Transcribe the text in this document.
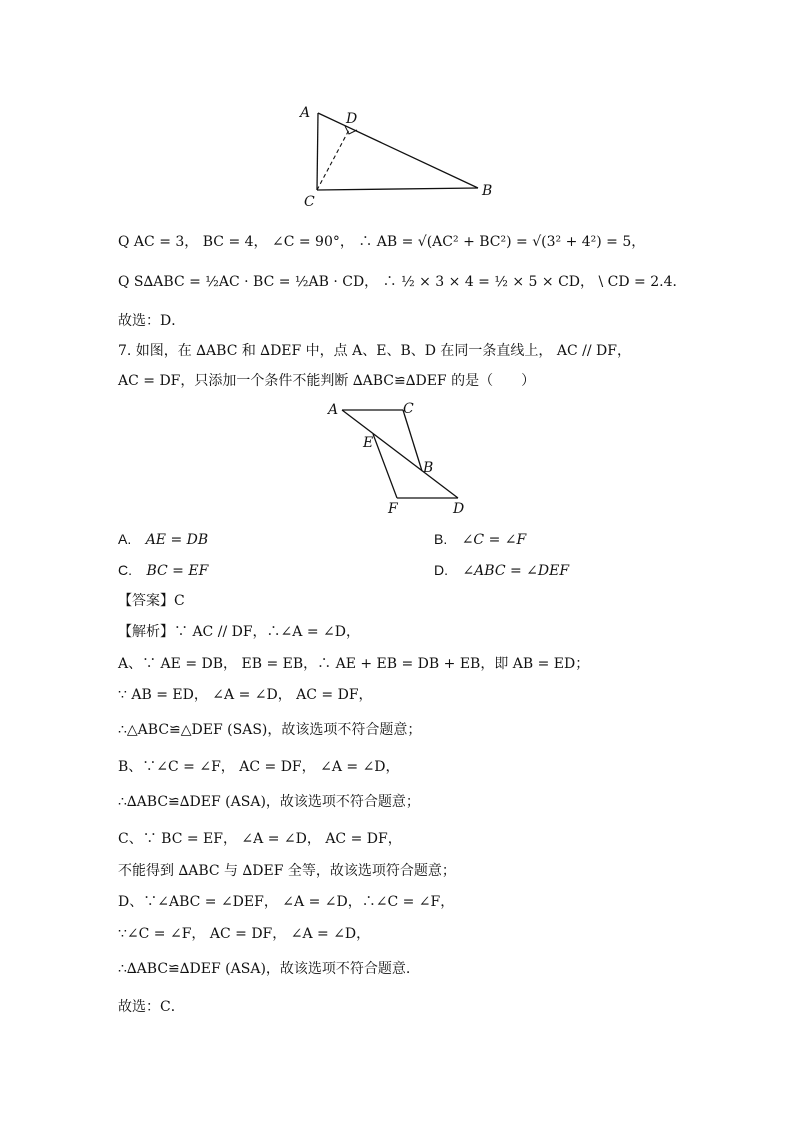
A	D
C
B
Q AC = 3， BC = 4， ∠C = 90°， ∴ AB = √(AC² + BC²) = √(3² + 4²) = 5，
Q S∆ABC = ½AC · BC = ½AB · CD， ∴ ½ × 3 × 4 = ½ × 5 × CD， \ CD = 2.4．
故选：D．
7. 如图，在 ∆ABC 和 ∆DEF 中，点 A、E、B、D 在同一条直线上， AC // DF，
AC = DF，只添加一个条件不能判断 ∆ABC≌∆DEF 的是（　　）
A	C
E
B
F	D
A. AE = DB	B. ∠C = ∠F
C. BC = EF	D. ∠ABC = ∠DEF
【答案】C
【解析】∵ AC // DF，∴∠A = ∠D，
A、∵ AE = DB， EB = EB，∴ AE + EB = DB + EB，即 AB = ED；
∵ AB = ED， ∠A = ∠D， AC = DF，
∴△ABC≌△DEF (SAS)，故该选项不符合题意；
B、∵∠C = ∠F， AC = DF， ∠A = ∠D，
∴∆ABC≌∆DEF (ASA)，故该选项不符合题意；
C、∵ BC = EF， ∠A = ∠D， AC = DF，
不能得到 ∆ABC 与 ∆DEF 全等，故该选项符合题意；
D、∵∠ABC = ∠DEF， ∠A = ∠D，∴∠C = ∠F，
∵∠C = ∠F， AC = DF， ∠A = ∠D，
∴∆ABC≌∆DEF (ASA)，故该选项不符合题意.
故选：C．
